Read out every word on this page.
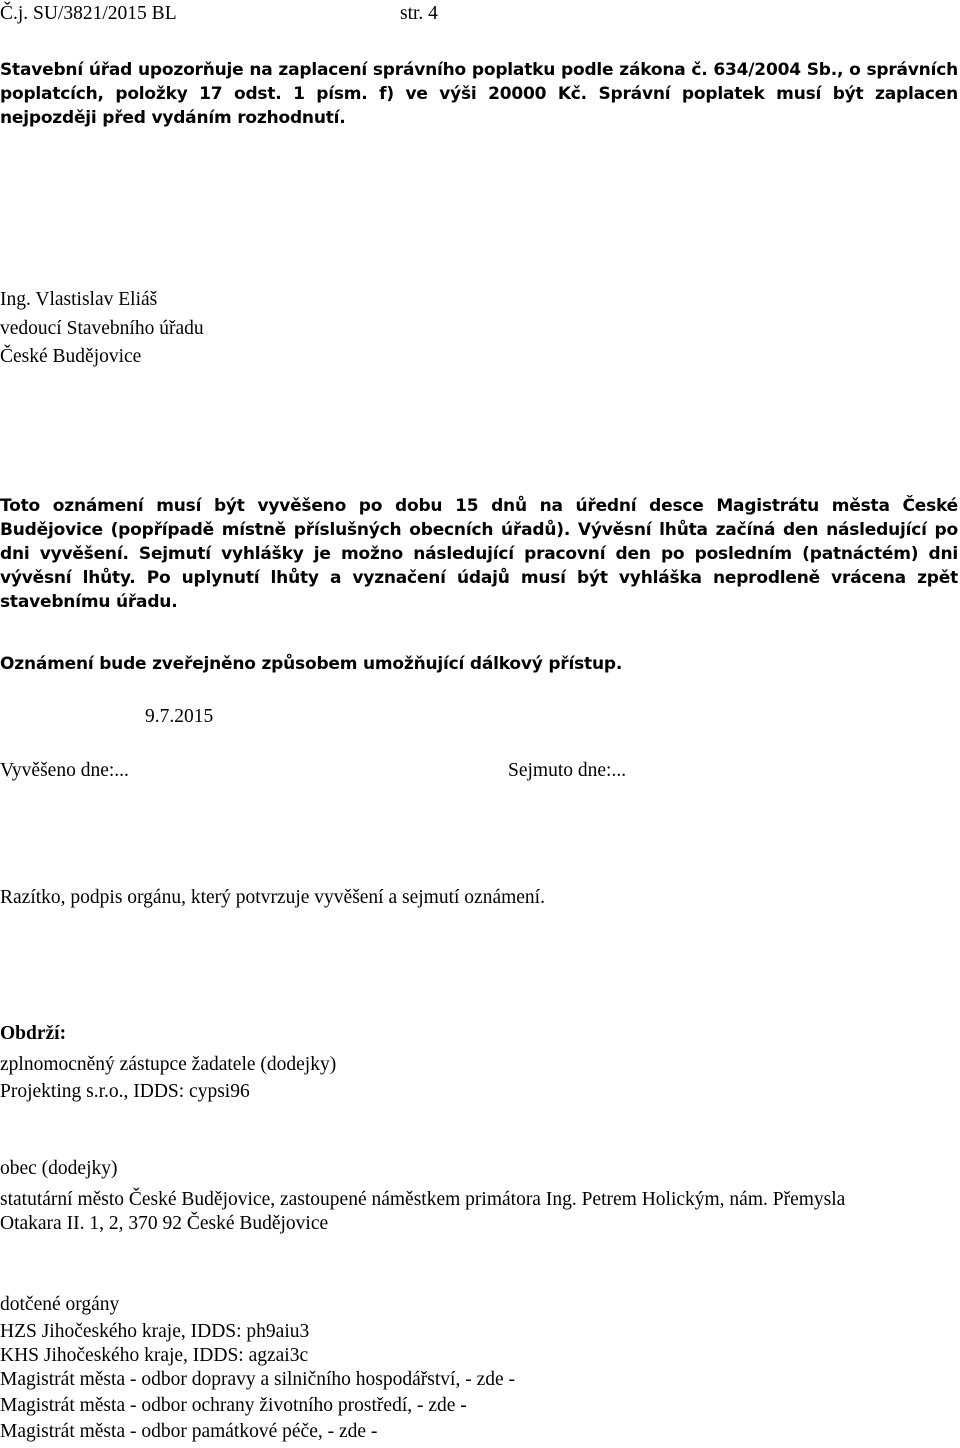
Č.j. SU/3821/2015 BL	str. 4
Stavební úřad upozorňuje na zaplacení správního poplatku podle zákona č. 634/2004 Sb., o správních poplatcích, položky 17 odst. 1 písm. f) ve výši 20000 Kč. Správní poplatek musí být zaplacen nejpozději před vydáním rozhodnutí.
Ing. Vlastislav Eliáš
vedoucí Stavebního úřadu
České Budějovice
Toto oznámení musí být vyvěšeno po dobu 15 dnů na úřední desce Magistrátu města České Budějovice (popřípadě místně příslušných obecních úřadů). Vývěsní lhůta začíná den následující po dni vyvěšení. Sejmutí vyhlášky je možno následující pracovní den po posledním (patnáctém) dni vývěsní lhůty. Po uplynutí lhůty a vyznačení údajů musí být vyhláška neprodleně vrácena zpět stavebnímu úřadu.
Oznámení bude zveřejněno způsobem umožňující dálkový přístup.
9.7.2015
Vyvěšeno dne:...	Sejmuto dne:...
Razítko, podpis orgánu, který potvrzuje vyvěšení a sejmutí oznámení.
Obdrží:
zplnomocněný zástupce žadatele (dodejky)
Projekting s.r.o., IDDS: cypsi96
obec (dodejky)
statutární město České Budějovice, zastoupené náměstkem primátora Ing. Petrem Holickým, nám. Přemysla Otakara II. 1, 2, 370 92 České Budějovice
dotčené orgány
HZS Jihočeského kraje, IDDS: ph9aiu3
KHS Jihočeského kraje, IDDS: agzai3c
Magistrát města - odbor dopravy a silničního hospodářství, - zde -
Magistrát města - odbor ochrany životního prostředí, - zde -
Magistrát města - odbor památkové péče, - zde -
